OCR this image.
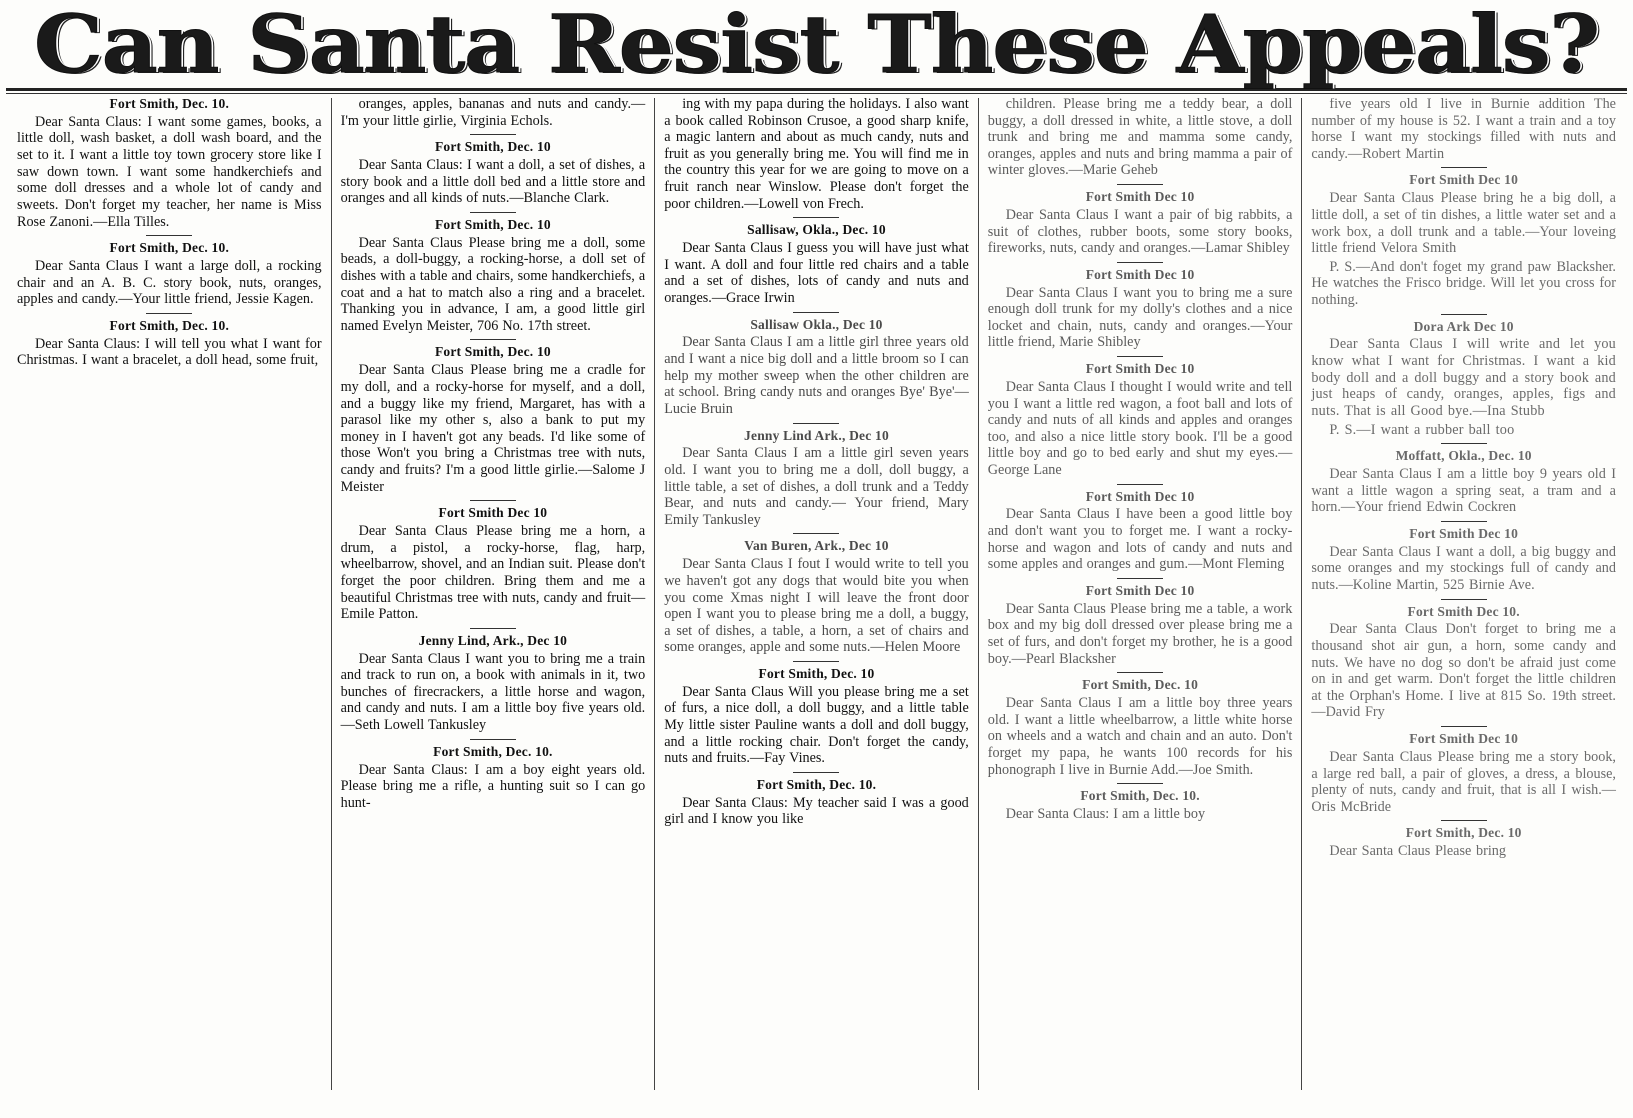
Can Santa Resist These Appeals?
Fort Smith, Dec. 10.

Dear Santa Claus: I want some games, books, a little doll, wash basket, a doll wash board, and the set to it. I want a little toy town grocery store like I saw down town. I want some handkerchiefs and some doll dresses and a whole lot of candy and sweets. Don't forget my teacher, her name is Miss Rose Zanoni.—Ella Tilles.

Fort Smith, Dec. 10.

Dear Santa Claus I want a large doll, a rocking chair and an A. B. C. story book, nuts, oranges, apples and candy.—Your little friend, Jessie Kagen.

Fort Smith, Dec. 10.

Dear Santa Claus: I will tell you what I want for Christmas. I want a bracelet, a doll head, some fruit,

oranges, apples, bananas and nuts and candy.—I'm your little girlie, Virginia Echols.

Fort Smith, Dec. 10

Dear Santa Claus: I want a doll, a set of dishes, a story book and a little doll bed and a little store and oranges and all kinds of nuts.—Blanche Clark.

Fort Smith, Dec. 10

Dear Santa Claus Please bring me a doll, some beads, a doll-buggy, a rocking-horse, a doll set of dishes with a table and chairs, some handkerchiefs, a coat and a hat to match also a ring and a bracelet. Thanking you in advance, I am, a good little girl named Evelyn Meister, 706 No. 17th street.

Fort Smith, Dec. 10

Dear Santa Claus Please bring me a cradle for my doll, and a rocky-horse for myself, and a doll, and a buggy like my friend, Margaret, has with a parasol like my other s, also a bank to put my money in I haven't got any beads. I'd like some of those Won't you bring a Christmas tree with nuts, candy and fruits? I'm a good little girlie.—Salome J Meister

Fort Smith Dec 10

Dear Santa Claus Please bring me a horn, a drum, a pistol, a rocky-horse, flag, harp, wheelbarrow, shovel, and an Indian suit. Please don't forget the poor children. Bring them and me a beautiful Christmas tree with nuts, candy and fruit— Emile Patton.

Jenny Lind, Ark., Dec 10

Dear Santa Claus I want you to bring me a train and track to run on, a book with animals in it, two bunches of firecrackers, a little horse and wagon, and candy and nuts. I am a little boy five years old.—Seth Lowell Tankusley

Fort Smith, Dec. 10.

Dear Santa Claus: I am a boy eight years old. Please bring me a rifle, a hunting suit so I can go hunt-

ing with my papa during the holidays. I also want a book called Robinson Crusoe, a good sharp knife, a magic lantern and about as much candy, nuts and fruit as you generally bring me. You will find me in the country this year for we are going to move on a fruit ranch near Winslow. Please don't forget the poor children.—Lowell von Frech.

Sallisaw, Okla., Dec. 10

Dear Santa Claus I guess you will have just what I want. A doll and four little red chairs and a table and a set of dishes, lots of candy and nuts and oranges.—Grace Irwin

Sallisaw Okla., Dec 10

Dear Santa Claus I am a little girl three years old and I want a nice big doll and a little broom so I can help my mother sweep when the other children are at school. Bring candy nuts and oranges Bye' Bye'—Lucie Bruin

Jenny Lind Ark., Dec 10

Dear Santa Claus I am a little girl seven years old. I want you to bring me a doll, doll buggy, a little table, a set of dishes, a doll trunk and a Teddy Bear, and nuts and candy.— Your friend, Mary Emily Tankusley

Van Buren, Ark., Dec 10

Dear Santa Claus I fout I would write to tell you we haven't got any dogs that would bite you when you come Xmas night I will leave the front door open I want you to please bring me a doll, a buggy, a set of dishes, a table, a horn, a set of chairs and some oranges, apple and some nuts.—Helen Moore

Fort Smith, Dec. 10

Dear Santa Claus Will you please bring me a set of furs, a nice doll, a doll buggy, and a little table My little sister Pauline wants a doll and doll buggy, and a little rocking chair. Don't forget the candy, nuts and fruits.—Fay Vines.

Fort Smith, Dec. 10.

Dear Santa Claus: My teacher said I was a good girl and I know you like

children. Please bring me a teddy bear, a doll buggy, a doll dressed in white, a little stove, a doll trunk and bring me and mamma some candy, oranges, apples and nuts and bring mamma a pair of winter gloves.—Marie Geheb

Fort Smith Dec 10

Dear Santa Claus I want a pair of big rabbits, a suit of clothes, rubber boots, some story books, fireworks, nuts, candy and oranges.—Lamar Shibley

Fort Smith Dec 10

Dear Santa Claus I want you to bring me a sure enough doll trunk for my dolly's clothes and a nice locket and chain, nuts, candy and oranges.—Your little friend, Marie Shibley

Fort Smith Dec 10

Dear Santa Claus I thought I would write and tell you I want a little red wagon, a foot ball and lots of candy and nuts of all kinds and apples and oranges too, and also a nice little story book. I'll be a good little boy and go to bed early and shut my eyes.—George Lane

Fort Smith Dec 10

Dear Santa Claus I have been a good little boy and don't want you to forget me. I want a rocky-horse and wagon and lots of candy and nuts and some apples and oranges and gum.—Mont Fleming

Fort Smith Dec 10

Dear Santa Claus Please bring me a table, a work box and my big doll dressed over please bring me a set of furs, and don't forget my brother, he is a good boy.—Pearl Blacksher

Fort Smith, Dec. 10

Dear Santa Claus I am a little boy three years old. I want a little wheelbarrow, a little white horse on wheels and a watch and chain and an auto. Don't forget my papa, he wants 100 records for his phonograph I live in Burnie Add.—Joe Smith.

Fort Smith, Dec. 10.

Dear Santa Claus: I am a little boy

five years old I live in Burnie addition The number of my house is 52. I want a train and a toy horse I want my stockings filled with nuts and candy.—Robert Martin

Fort Smith Dec 10

Dear Santa Claus Please bring he a big doll, a little doll, a set of tin dishes, a little water set and a work box, a doll trunk and a table.—Your loveing little friend Velora Smith

P. S.—And don't foget my grand paw Blacksher. He watches the Frisco bridge. Will let you cross for nothing.

Dora Ark Dec 10

Dear Santa Claus I will write and let you know what I want for Christmas. I want a kid body doll and a doll buggy and a story book and just heaps of candy, oranges, apples, figs and nuts. That is all Good bye.—Ina Stubb

P. S.—I want a rubber ball too

Moffatt, Okla., Dec. 10

Dear Santa Claus I am a little boy 9 years old I want a little wagon a spring seat, a tram and a horn.—Your friend Edwin Cockren

Fort Smith Dec 10

Dear Santa Claus I want a doll, a big buggy and some oranges and my stockings full of candy and nuts.—Koline Martin, 525 Birnie Ave.

Fort Smith Dec 10.

Dear Santa Claus Don't forget to bring me a thousand shot air gun, a horn, some candy and nuts. We have no dog so don't be afraid just come on in and get warm. Don't forget the little children at the Orphan's Home. I live at 815 So. 19th street.—David Fry

Fort Smith Dec 10

Dear Santa Claus Please bring me a story book, a large red ball, a pair of gloves, a dress, a blouse, plenty of nuts, candy and fruit, that is all I wish.—Oris McBride

Fort Smith, Dec. 10

Dear Santa Claus Please bring
